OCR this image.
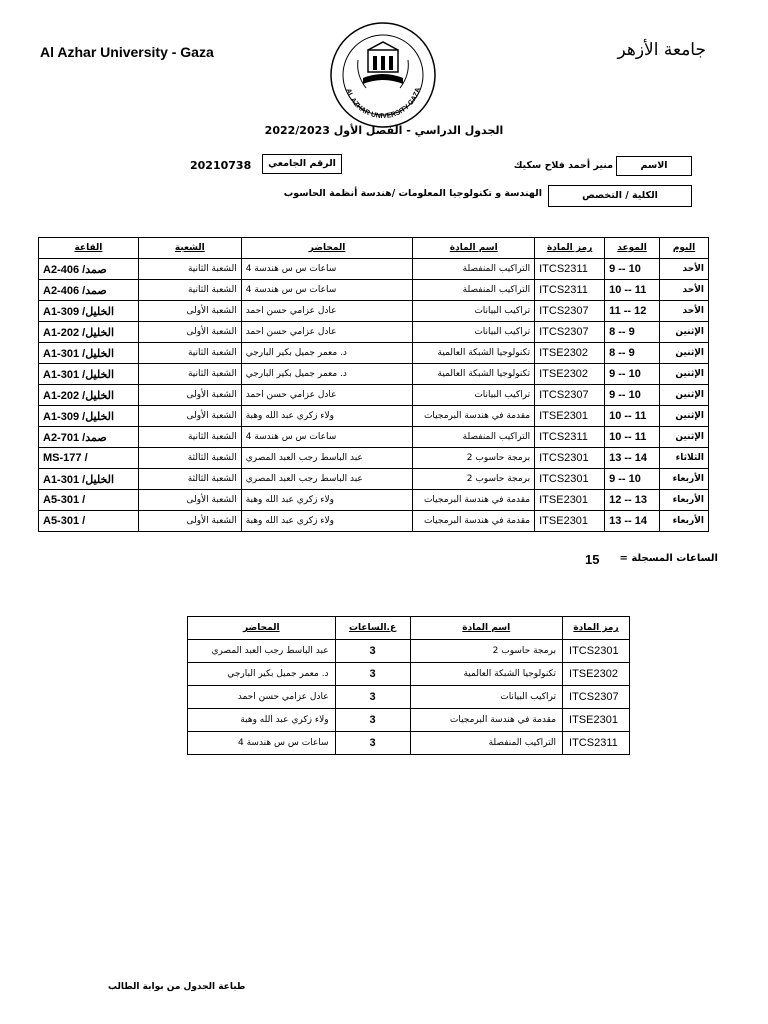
Al Azhar University - Gaza	جامعة الأزهر
AL AZHAR UNIVERSITY-GAZA
الجدول الدراسي - الفصل الأول 2022/2023
الرقم الجامعي
20210738	الاسم
منير أحمد فلاح سكيك
الكلية / التخصص
الهندسة و تكنولوجيا المعلومات /هندسة أنظمة الحاسوب
اليوم	الموعد	رمز المادة	اسم المادة	المحاضر	الشعبة	القاعة
الأحد	9 -- 10	ITCS2311	التراكيب المنفصلة	ساعات س س هندسة 4	الشعبة الثانية	A2-406 /صمد
الأحد	10 -- 11	ITCS2311	التراكيب المنفصلة	ساعات س س هندسة 4	الشعبة الثانية	A2-406 /صمد
الأحد	11 -- 12	ITCS2307	تراكيب البيانات	عادل عزامي حسن احمد	الشعبة الأولى	A1-309 /الخليل
الإثنين	8 -- 9	ITCS2307	تراكيب البيانات	عادل عزامي حسن احمد	الشعبة الأولى	A1-202 /الخليل
الإثنين	8 -- 9	ITSE2302	تكنولوجيا الشبكة العالمية	د. معمر جميل بكير البارجي	الشعبة الثانية	A1-301 /الخليل
الإثنين	9 -- 10	ITSE2302	تكنولوجيا الشبكة العالمية	د. معمر جميل بكير البارجي	الشعبة الثانية	A1-301 /الخليل
الإثنين	9 -- 10	ITCS2307	تراكيب البيانات	عادل عزامي حسن احمد	الشعبة الأولى	A1-202 /الخليل
الإثنين	10 -- 11	ITSE2301	مقدمة في هندسة البرمجيات	ولاء زكري عبد الله وهبة	الشعبة الأولى	A1-309 /الخليل
الإثنين	10 -- 11	ITCS2311	التراكيب المنفصلة	ساعات س س هندسة 4	الشعبة الثانية	A2-701 /صمد
الثلاثاء	13 -- 14	ITCS2301	برمجة حاسوب 2	عبد الباسط رجب العبد المصري	الشعبة الثالثة	MS-177 /
الأربعاء	9 -- 10	ITCS2301	برمجة حاسوب 2	عبد الباسط رجب العبد المصري	الشعبة الثالثة	A1-301 /الخليل
الأربعاء	12 -- 13	ITSE2301	مقدمة في هندسة البرمجيات	ولاء زكري عبد الله وهبة	الشعبة الأولى	A5-301 /
الأربعاء	13 -- 14	ITSE2301	مقدمة في هندسة البرمجيات	ولاء زكري عبد الله وهبة	الشعبة الأولى	A5-301 /
الساعات المسجلة =
15
رمز المادة	اسم المادة	ع.الساعات	المحاضر
ITCS2301	برمجة حاسوب 2	3	عبد الباسط رجب العبد المصري
ITSE2302	تكنولوجيا الشبكة العالمية	3	د. معمر جميل بكير البارجي
ITCS2307	تراكيب البيانات	3	عادل عزامي حسن احمد
ITSE2301	مقدمة في هندسة البرمجيات	3	ولاء زكري عبد الله وهبة
ITCS2311	التراكيب المنفصلة	3	ساعات س س هندسة 4
طباعة الجدول من بوابة الطالب
